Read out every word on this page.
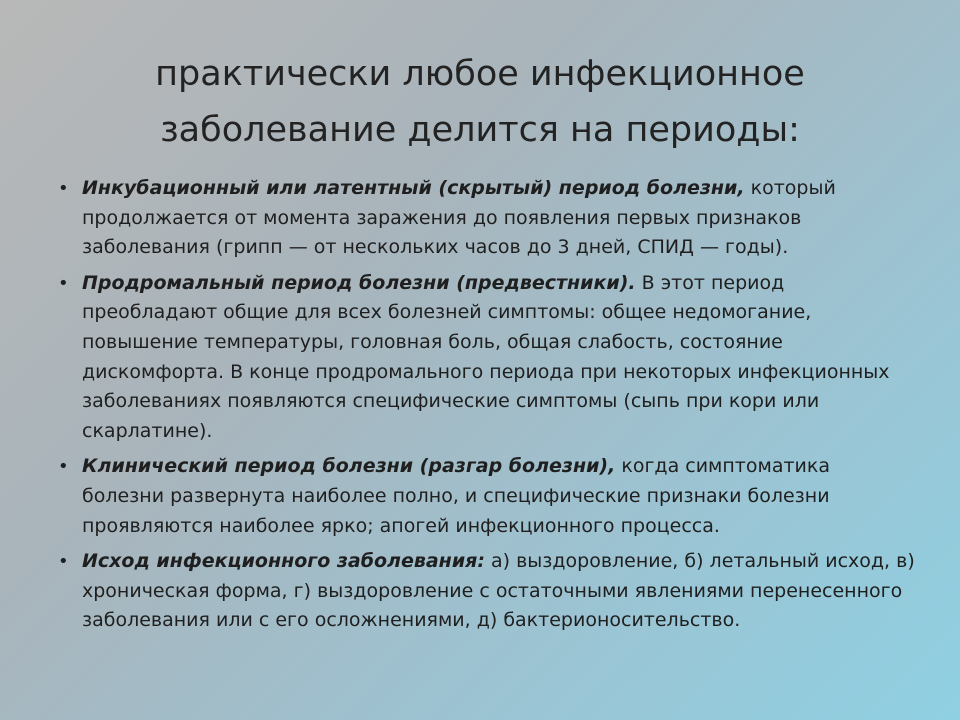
практически любое инфекционное
заболевание делится на периоды:
• Инкубационный или латентный (скрытый) период болезни, который продолжается от момента заражения до появления первых признаков заболевания (грипп — от нескольких часов до 3 дней, СПИД — годы).
• Продромальный период болезни (предвестники). В этот период преобладают общие для всех болезней симптомы: общее недомогание, повышение температуры, головная боль, общая слабость, состояние дискомфорта. В конце продромального периода при некоторых инфекционных заболеваниях появляются специфические симптомы (сыпь при кори или скарлатине).
• Клинический период болезни (разгар болезни), когда симптоматика болезни развернута наиболее полно, и специфические признаки болезни проявляются наиболее ярко; апогей инфекционного процесса.
• Исход инфекционного заболевания: а) выздоровление, б) летальный исход, в) хроническая форма, г) выздоровление с остаточными явлениями перенесенного заболевания или с его осложнениями, д) бактерионосительство.
